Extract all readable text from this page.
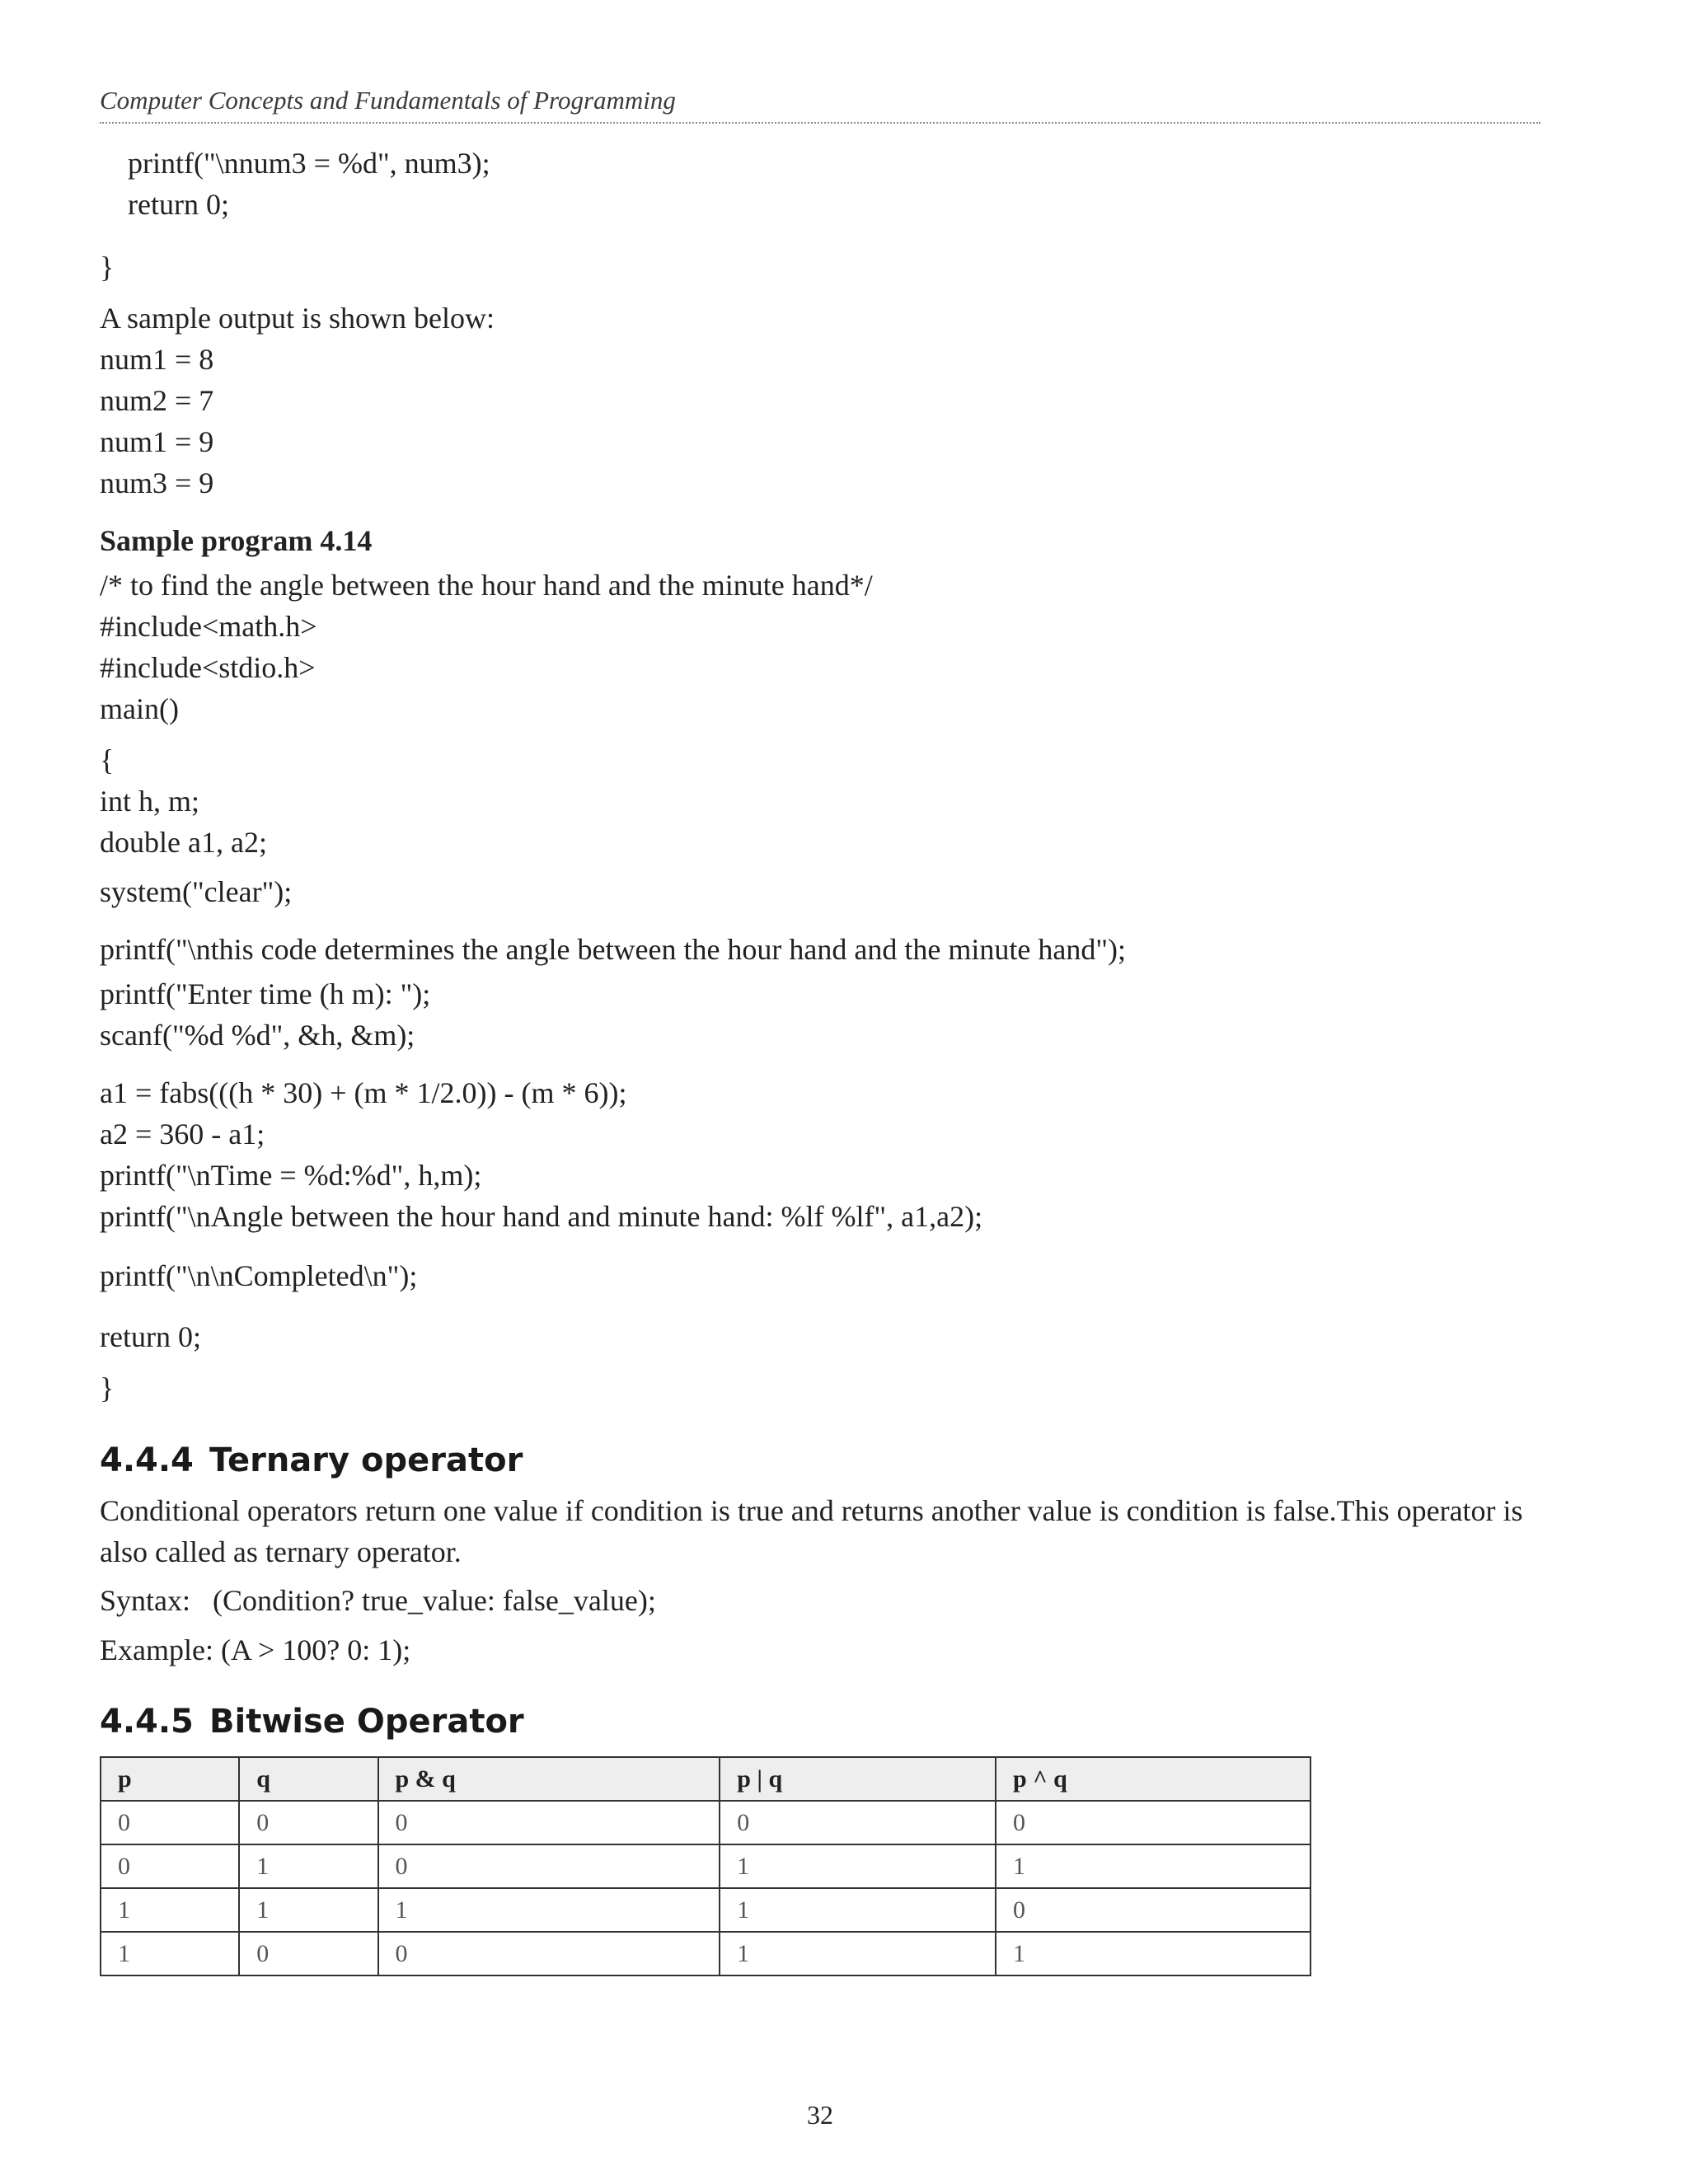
Computer Concepts and Fundamentals of Programming
printf("\nnum3 = %d", num3);
return 0;
}
A sample output is shown below:
num1 = 8
num2 = 7
num1 = 9
num3 = 9
Sample program 4.14
/* to find the angle between the hour hand and the minute hand*/
#include<math.h>
#include<stdio.h>
main()
{
int h, m;
double a1, a2;
system("clear");
printf("\nthis code determines the angle between the hour hand and the minute hand");
printf("Enter time (h m): ");
scanf("%d %d", &h, &m);
a1 = fabs(((h * 30) + (m * 1/2.0)) - (m * 6));
a2 = 360 - a1;
printf("\nTime = %d:%d", h,m);
printf("\nAngle between the hour hand and minute hand: %lf %lf", a1,a2);
printf("\n\nCompleted\n");
return 0;
}
4.4.4 Ternary operator
Conditional operators return one value if condition is true and returns another value is condition is false.This operator is also called as ternary operator.
Syntax: (Condition? true_value: false_value);
Example: (A > 100? 0: 1);
4.4.5 Bitwise Operator
p	q	p & q	p | q	p ^ q
0	0	0	0	0
0	1	0	1	1
1	1	1	1	0
1	0	0	1	1
32
